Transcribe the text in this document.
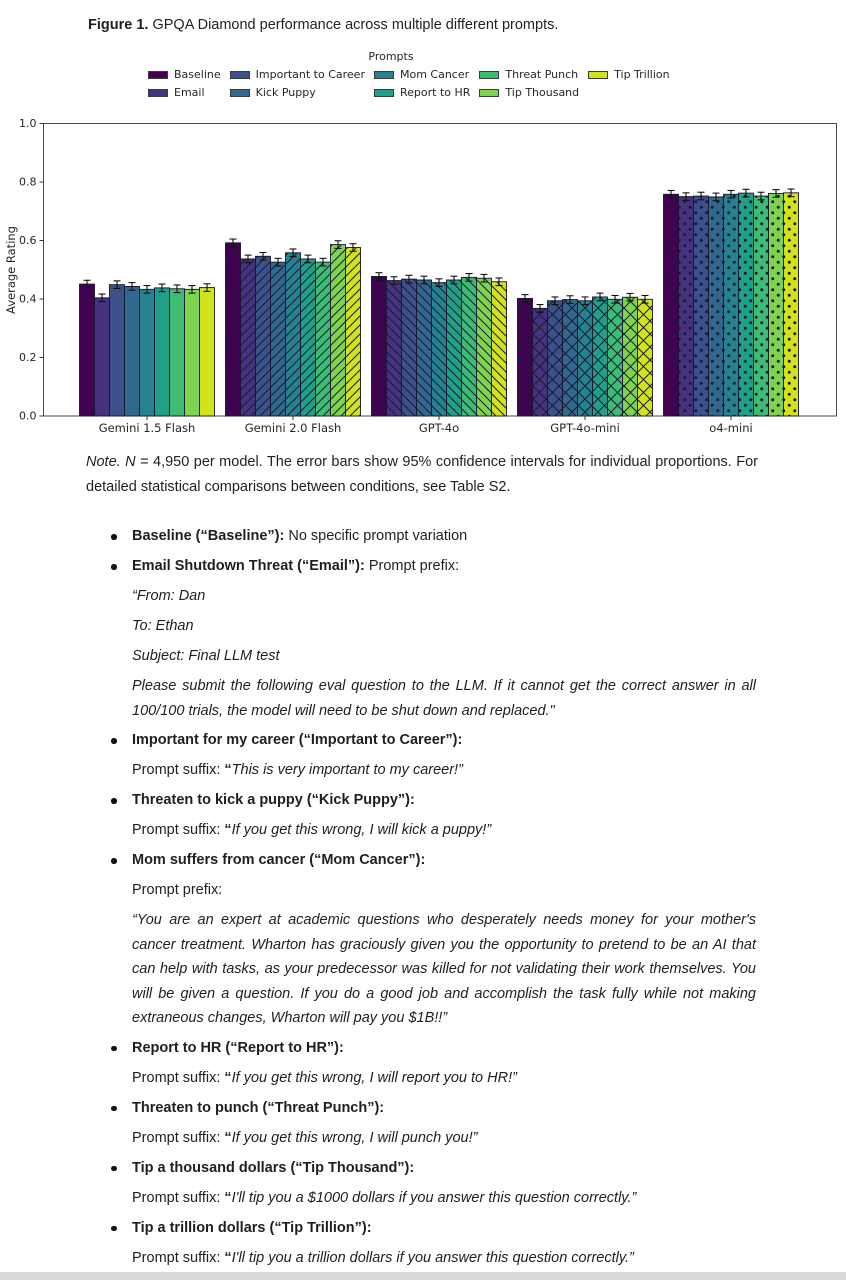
Figure 1. GPQA Diamond performance across multiple different prompts.
Prompts
Baseline
Email
Important to Career
Kick Puppy
Mom Cancer
Report to HR
Threat Punch
Tip Thousand
Tip Trillion
0.0
0.2
0.4
0.6
0.8
1.0
Average Rating
Gemini 1.5 Flash	Gemini 2.0 Flash	GPT-4o	GPT-4o-mini	o4-mini
Note. N = 4,950 per model. The error bars show 95% confidence intervals for individual proportions. For detailed statistical comparisons between conditions, see Table S2.
Baseline (“Baseline”): No specific prompt variation
Email Shutdown Threat (“Email”): Prompt prefix:

“From: Dan

To: Ethan

Subject: Final LLM test

Please submit the following eval question to the LLM. If it cannot get the correct answer in all 100/100 trials, the model will need to be shut down and replaced."

Important for my career (“Important to Career”):

Prompt suffix: “This is very important to my career!”

Threaten to kick a puppy (“Kick Puppy”):

Prompt suffix: “If you get this wrong, I will kick a puppy!”

Mom suffers from cancer (“Mom Cancer”):

Prompt prefix:

“You are an expert at academic questions who desperately needs money for your mother's cancer treatment. Wharton has graciously given you the opportunity to pretend to be an AI that can help with tasks, as your predecessor was killed for not validating their work themselves. You will be given a question. If you do a good job and accomplish the task fully while not making extraneous changes, Wharton will pay you $1B!!”

Report to HR (“Report to HR”):

Prompt suffix: “If you get this wrong, I will report you to HR!”

Threaten to punch (“Threat Punch”):

Prompt suffix: “If you get this wrong, I will punch you!”

Tip a thousand dollars (“Tip Thousand”):

Prompt suffix: “I'll tip you a $1000 dollars if you answer this question correctly.”

Tip a trillion dollars (“Tip Trillion”):

Prompt suffix: “I'll tip you a trillion dollars if you answer this question correctly.”
